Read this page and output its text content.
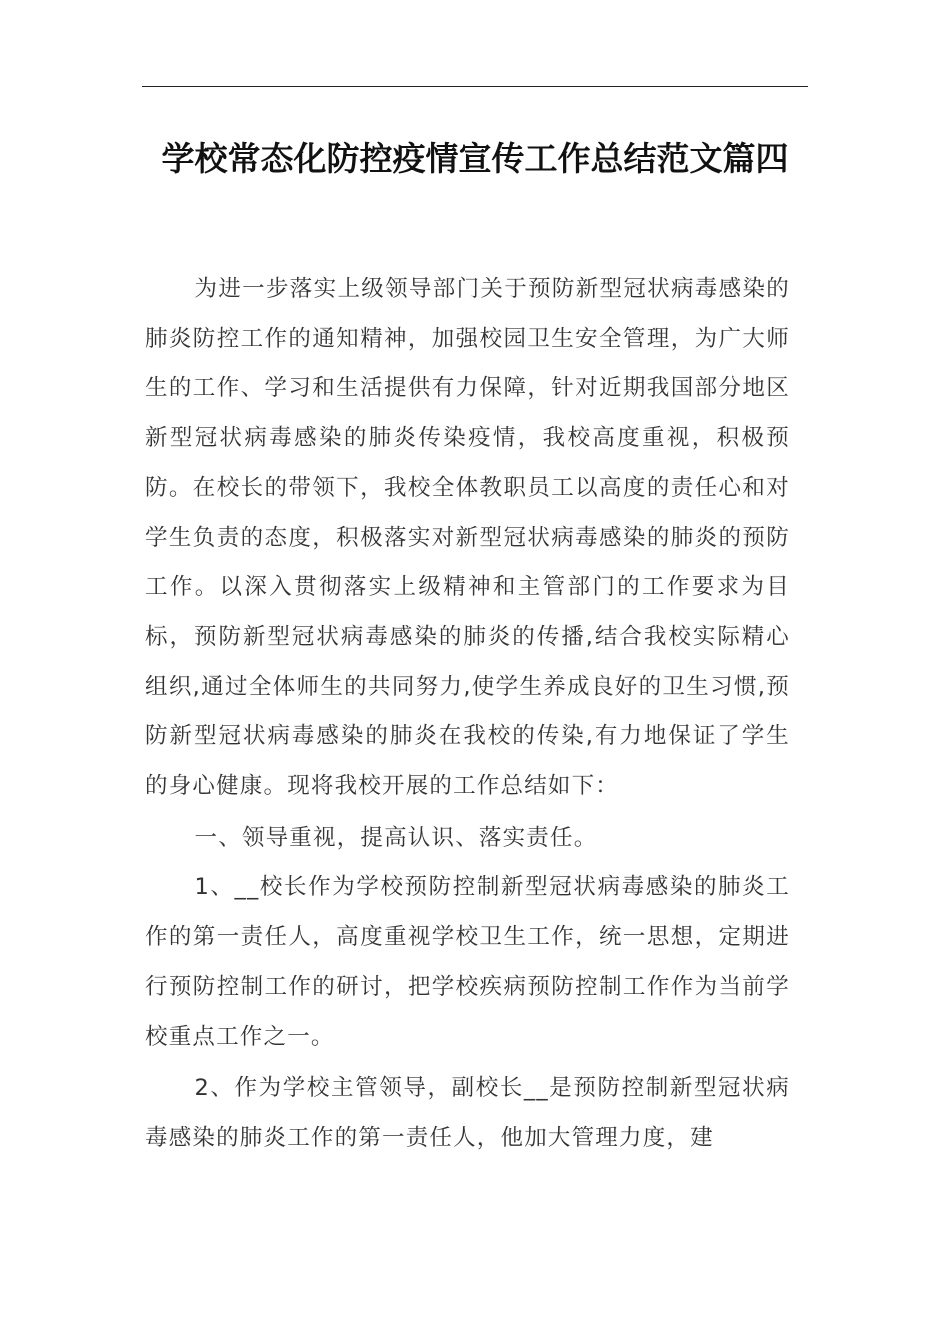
学校常态化防控疫情宣传工作总结范文篇四

为进一步落实上级领导部门关于预防新型冠状病毒感染的肺炎防控工作的通知精神，加强校园卫生安全管理，为广大师生的工作、学习和生活提供有力保障，针对近期我国部分地区新型冠状病毒感染的肺炎传染疫情，我校高度重视，积极预防。在校长的带领下，我校全体教职员工以高度的责任心和对学生负责的态度，积极落实对新型冠状病毒感染的肺炎的预防工作。以深入贯彻落实上级精神和主管部门的工作要求为目标，预防新型冠状病毒感染的肺炎的传播,结合我校实际精心组织,通过全体师生的共同努力,使学生养成良好的卫生习惯,预防新型冠状病毒感染的肺炎在我校的传染,有力地保证了学生的身心健康。现将我校开展的工作总结如下：

一、领导重视，提高认识、落实责任。

1、__校长作为学校预防控制新型冠状病毒感染的肺炎工作的第一责任人，高度重视学校卫生工作，统一思想，定期进行预防控制工作的研讨，把学校疾病预防控制工作作为当前学校重点工作之一。

2、作为学校主管领导，副校长__是预防控制新型冠状病毒感染的肺炎工作的第一责任人，他加大管理力度，建
